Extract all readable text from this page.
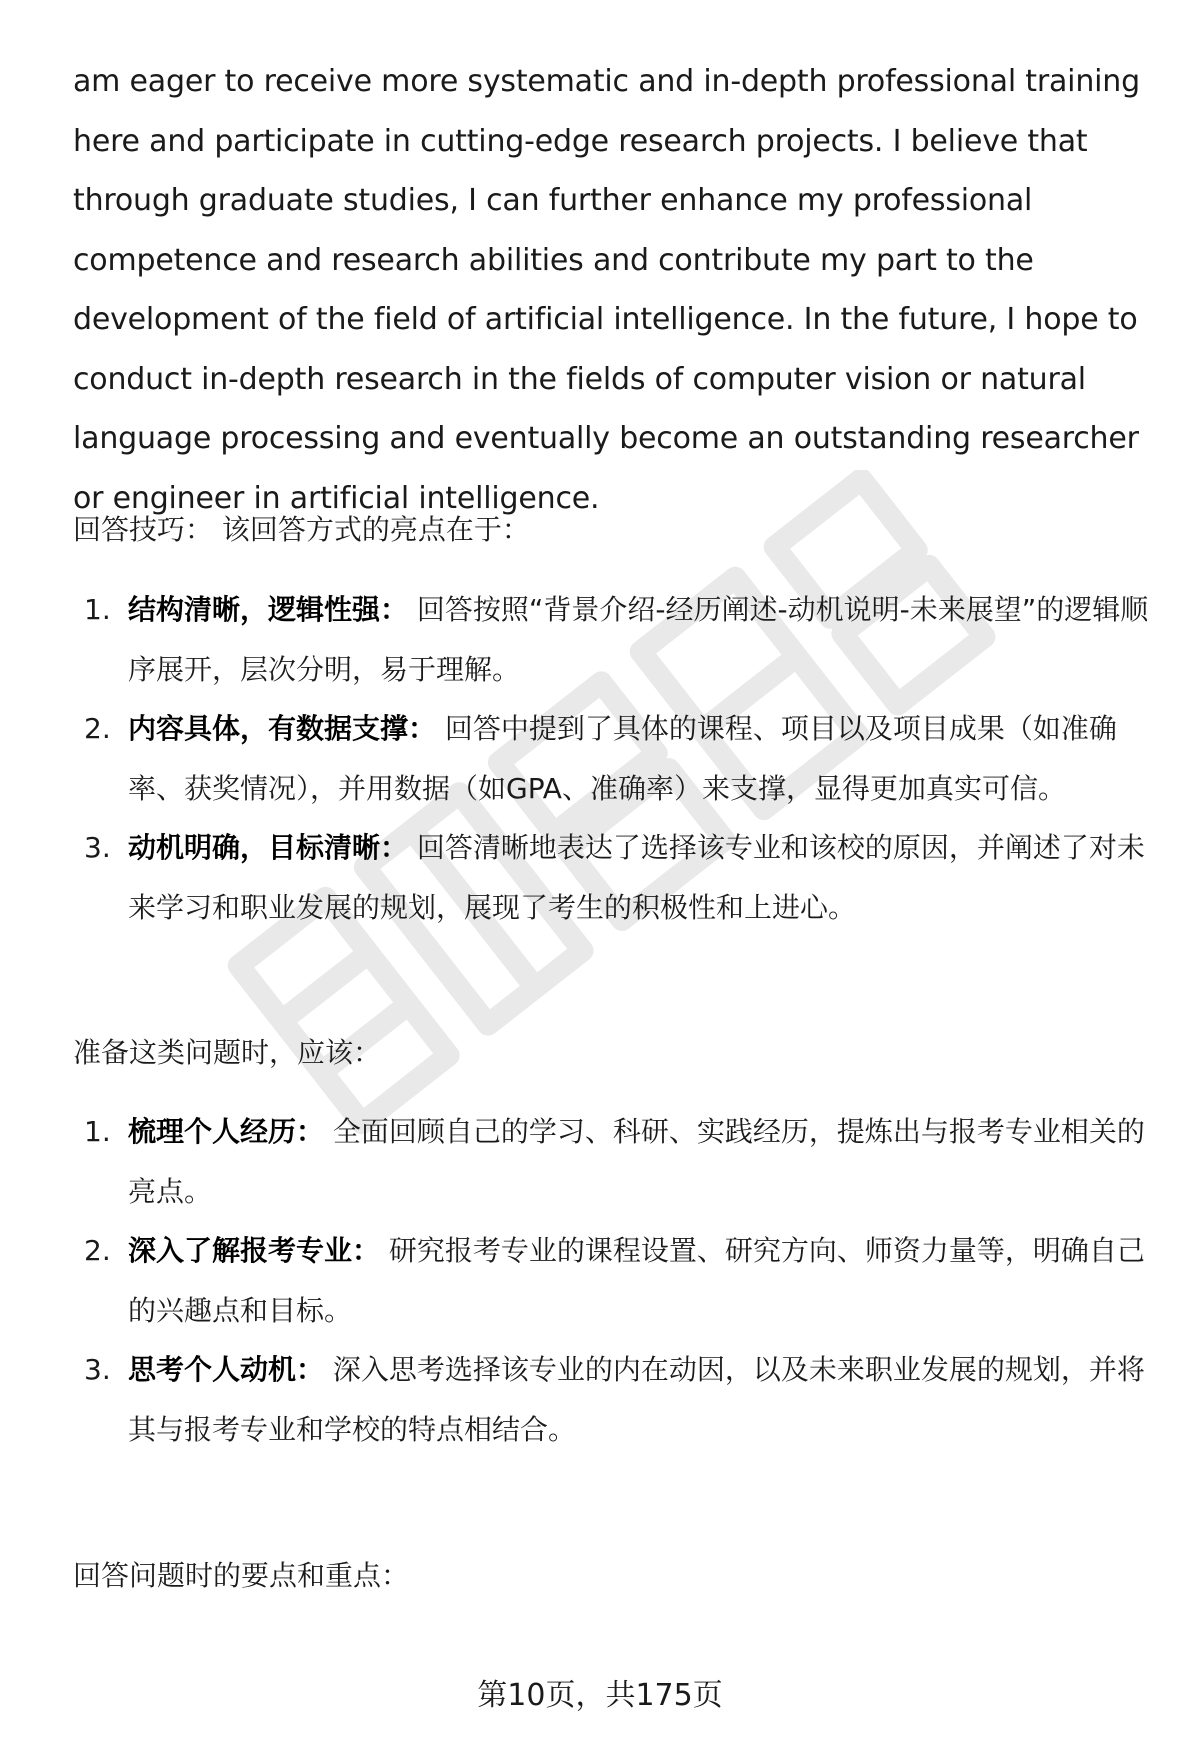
am eager to receive more systematic and in-depth professional training here and participate in cutting-edge research projects. I believe that through graduate studies, I can further enhance my professional competence and research abilities and contribute my part to the development of the field of artificial intelligence. In the future, I hope to conduct in-depth research in the fields of computer vision or natural language processing and eventually become an outstanding researcher or engineer in artificial intelligence.

回答技巧： 该回答方式的亮点在于：

1. 结构清晰，逻辑性强： 回答按照“背景介绍-经历阐述-动机说明-未来展望”的逻辑顺序展开，层次分明，易于理解。
2. 内容具体，有数据支撑： 回答中提到了具体的课程、项目以及项目成果（如准确率、获奖情况），并用数据（如GPA、准确率）来支撑，显得更加真实可信。
3. 动机明确，目标清晰： 回答清晰地表达了选择该专业和该校的原因，并阐述了对未来学习和职业发展的规划，展现了考生的积极性和上进心。

准备这类问题时，应该：

1. 梳理个人经历： 全面回顾自己的学习、科研、实践经历，提炼出与报考专业相关的亮点。
2. 深入了解报考专业： 研究报考专业的课程设置、研究方向、师资力量等，明确自己的兴趣点和目标。
3. 思考个人动机： 深入思考选择该专业的内在动因，以及未来职业发展的规划，并将其与报考专业和学校的特点相结合。

回答问题时的要点和重点：

第10页，共175页
